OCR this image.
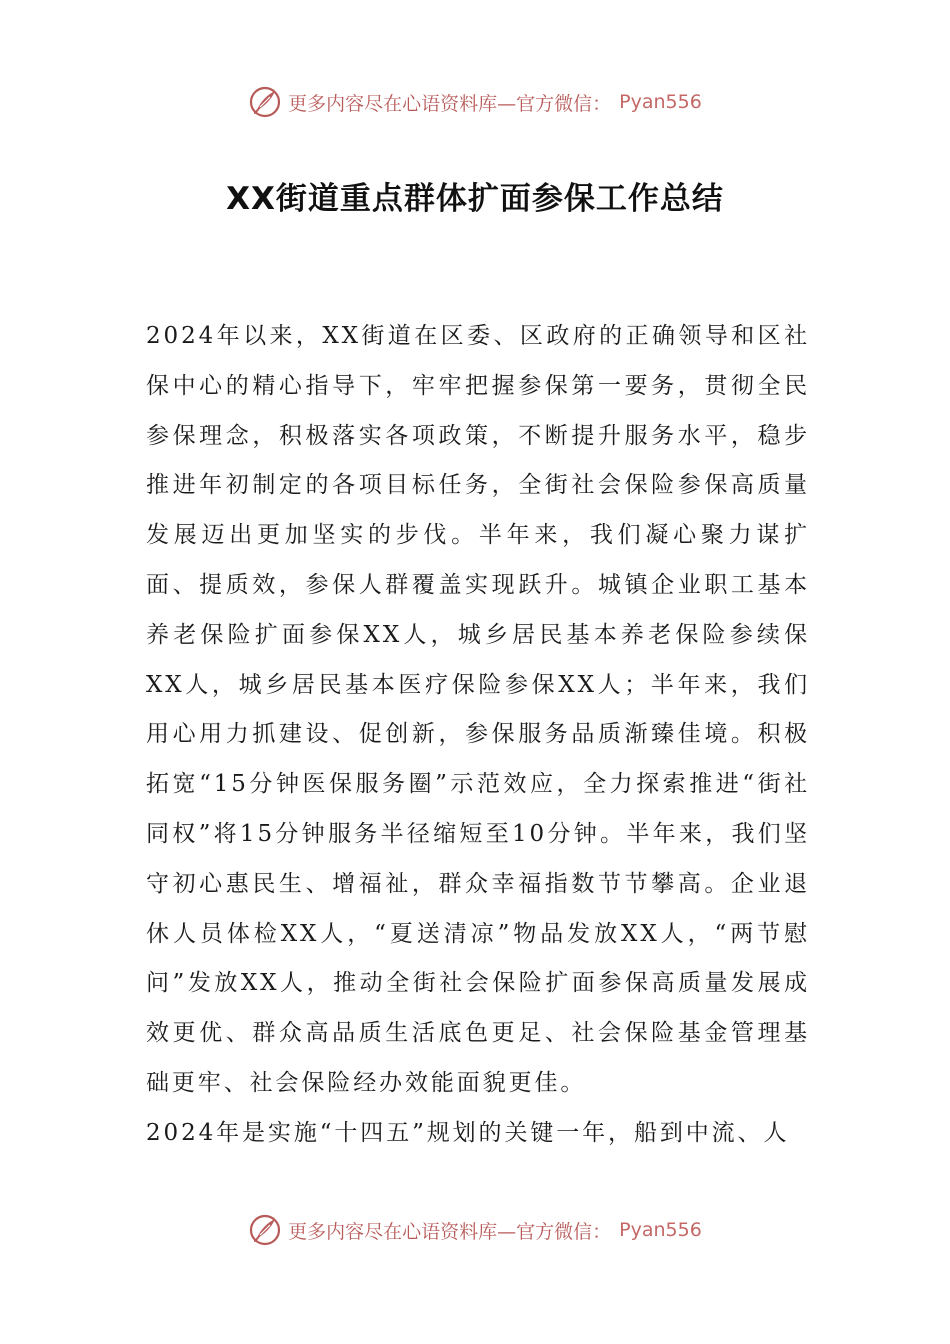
更多内容尽在心语资料库—官方微信： Pyan556
XX街道重点群体扩面参保工作总结

2024年以来，XX街道在区委、区政府的正确领导和区社保中心的精心指导下，牢牢把握参保第一要务，贯彻全民参保理念，积极落实各项政策，不断提升服务水平，稳步推进年初制定的各项目标任务，全街社会保险参保高质量发展迈出更加坚实的步伐。半年来，我们凝心聚力谋扩面、提质效，参保人群覆盖实现跃升。城镇企业职工基本养老保险扩面参保XX人，城乡居民基本养老保险参续保XX人，城乡居民基本医疗保险参保XX人；半年来，我们用心用力抓建设、促创新，参保服务品质渐臻佳境。积极拓宽“15分钟医保服务圈”示范效应，全力探索推进“街社同权”将15分钟服务半径缩短至10分钟。半年来，我们坚守初心惠民生、增福祉，群众幸福指数节节攀高。企业退休人员体检XX人，“夏送清凉”物品发放XX人，“两节慰问”发放XX人，推动全街社会保险扩面参保高质量发展成效更优、群众高品质生活底色更足、社会保险基金管理基础更牢、社会保险经办效能面貌更佳。

2024年是实施“十四五”规划的关键一年，船到中流、人

更多内容尽在心语资料库—官方微信： Pyan556
